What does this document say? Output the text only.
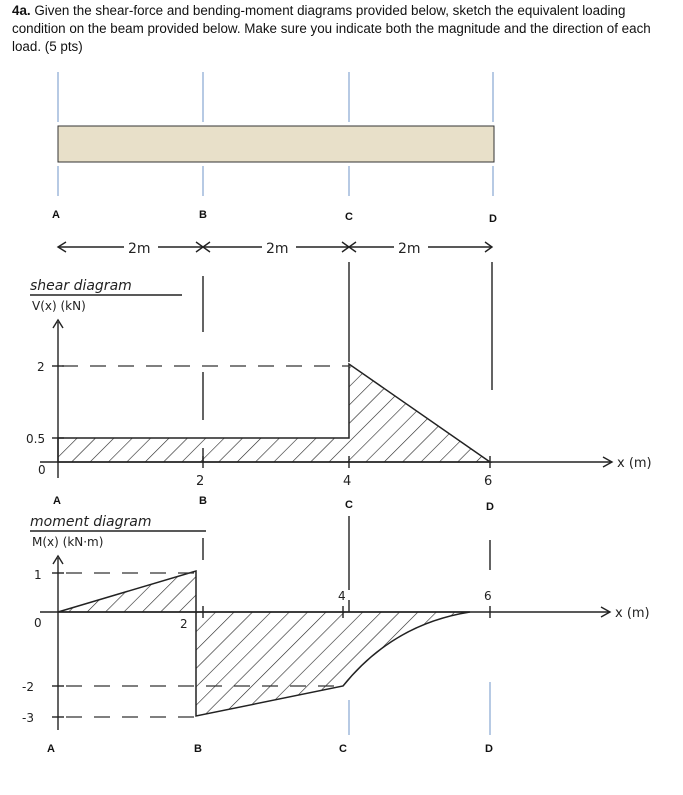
4a. Given the shear-force and bending-moment diagrams provided below, sketch the equivalent loading condition on the beam provided below. Make sure you indicate both the magnitude and the direction of each load. (5 pts)
A	B	C	D
2m	2m	2m
shear diagram
V(x) (kN)
2
0.5
0
2	4	6
x (m)
A	B	C	D
moment diagram
M(x) (kN·m)
1
0
-2
-3
2
4	6
x (m)
A	B	C	D
